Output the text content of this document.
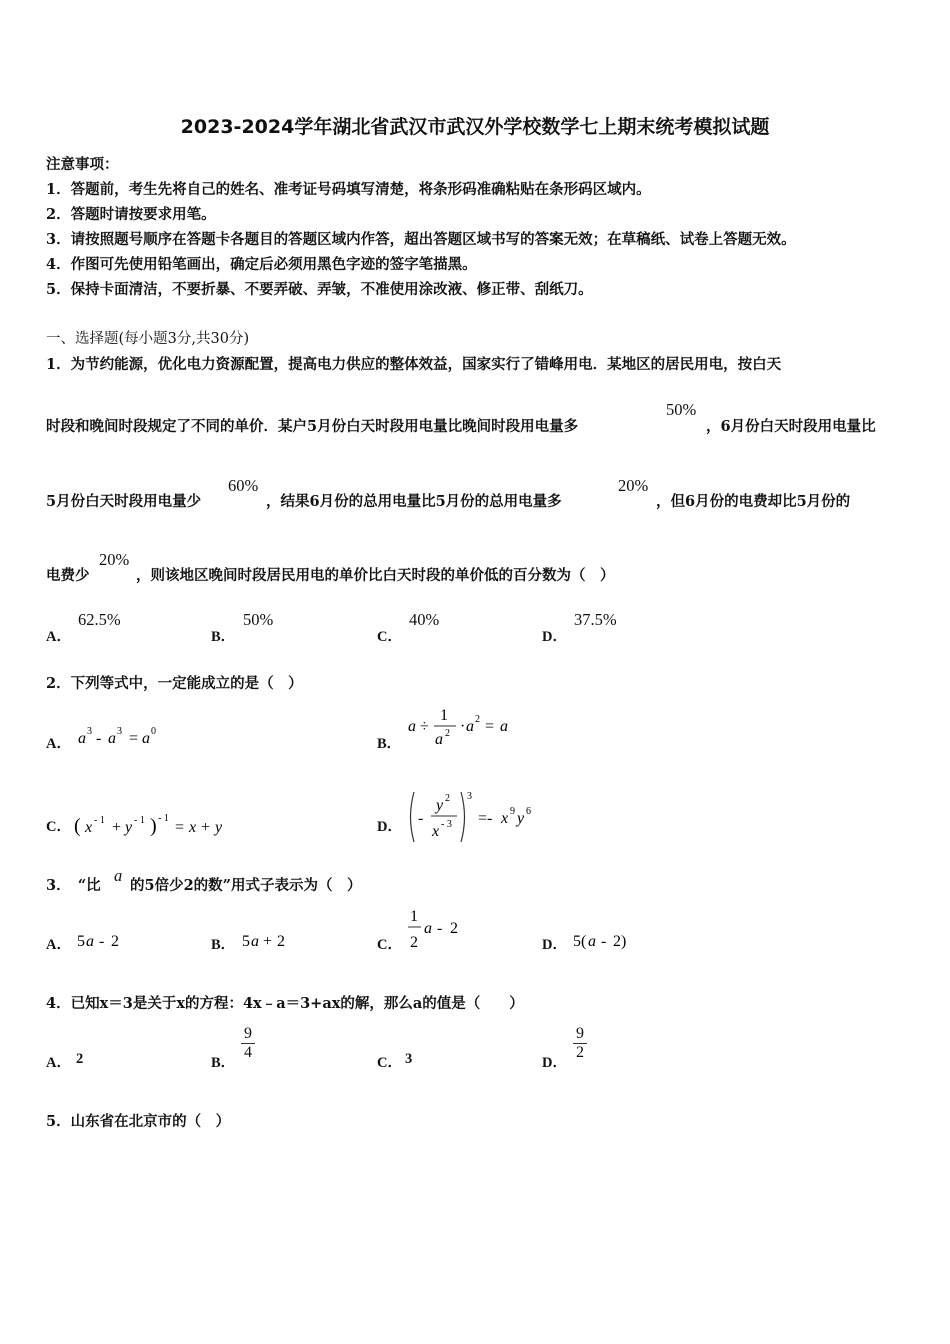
2023-2024学年湖北省武汉市武汉外学校数学七上期末统考模拟试题
注意事项：
1．答题前，考生先将自己的姓名、准考证号码填写清楚，将条形码准确粘贴在条形码区域内。
2．答题时请按要求用笔。
3．请按照题号顺序在答题卡各题目的答题区域内作答，超出答题区域书写的答案无效；在草稿纸、试卷上答题无效。
4．作图可先使用铅笔画出，确定后必须用黑色字迹的签字笔描黑。
5．保持卡面清洁，不要折暴、不要弄破、弄皱，不准使用涂改液、修正带、刮纸刀。
一、选择题(每小题3分,共30分)
1．为节约能源，优化电力资源配置，提高电力供应的整体效益，国家实行了错峰用电．某地区的居民用电，按白天
时段和晚间时段规定了不同的单价．某户5月份白天时段用电量比晚间时段用电量多
50%
，6月份白天时段用电量比
5月份白天时段用电量少
60%
，结果6月份的总用电量比5月份的总用电量多
20%
，但6月份的电费却比5月份的
电费少
20%
，则该地区晚间时段居民用电的单价比白天时段的单价低的百分数为（　）
A．
62.5%
B．
50%
C．
40%
D．
37.5%
2．下列等式中，一定能成立的是（　）
A． a 3 - a 3 = a 0
B．
a ÷
1
a 2 · a 2 = a
C． ( x - 1 + y - 1 ) - 1
= x + y	D． -
y 2
x - 3
3
=- x 9 y 6
3．　“比
a
的5倍少2的数”用式子表示为（　）
A． 5 a - 2	B． 5 a + 2	C．
1
2
a - 2
D． 5( a - 2)
4．已知x＝3是关于x的方程：4x﹣a＝3+ax的解，那么a的值是（　　）
A． 2	B．
9
4
C． 3	D．
9
2
5．山东省在北京市的（　）
